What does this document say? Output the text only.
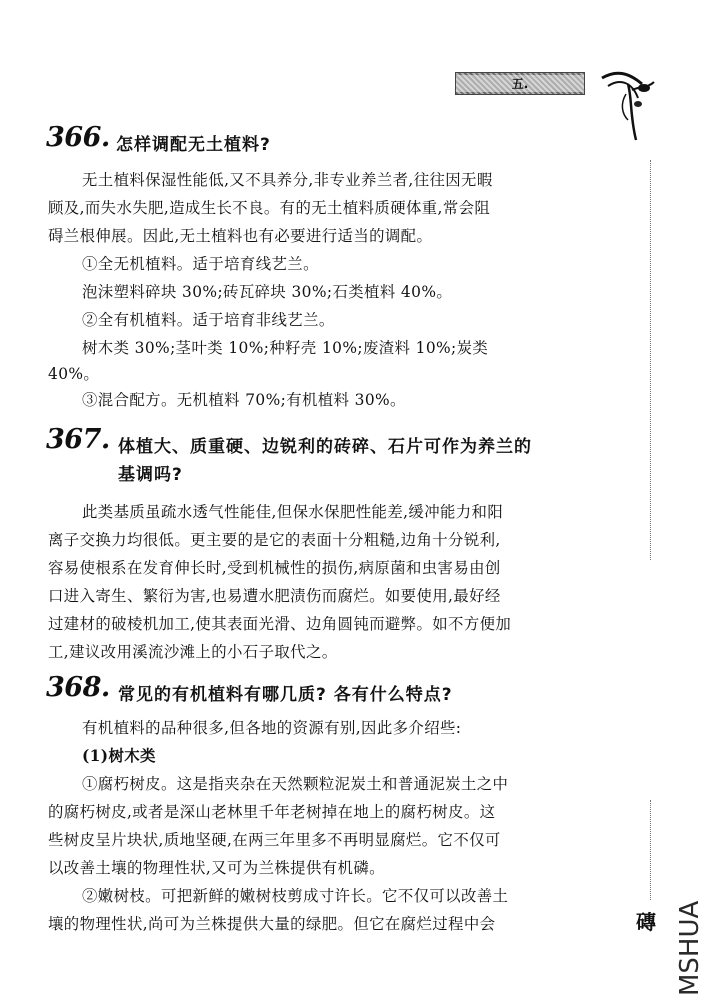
五.
磚 MSHUA
366. 怎样调配无土植料?
无土植料保湿性能低,又不具养分,非专业养兰者,往往因无暇
顾及,而失水失肥,造成生长不良。有的无土植料质硬体重,常会阻
碍兰根伸展。因此,无土植料也有必要进行适当的调配。
①全无机植料。适于培育线艺兰。
泡沫塑料碎块 30%;砖瓦碎块 30%;石类植料 40%。
②全有机植料。适于培育非线艺兰。
树木类 30%;茎叶类 10%;种籽壳 10%;废渣料 10%;炭类
40%。
③混合配方。无机植料 70%;有机植料 30%。
367. 体植大、质重硬、边锐利的砖碎、石片可作为养兰的
基调吗?
此类基质虽疏水透气性能佳,但保水保肥性能差,缓冲能力和阳
离子交换力均很低。更主要的是它的表面十分粗糙,边角十分锐利,
容易使根系在发育伸长时,受到机械性的损伤,病原菌和虫害易由创
口进入寄生、繁衍为害,也易遭水肥渍伤而腐烂。如要使用,最好经
过建材的破棱机加工,使其表面光滑、边角圆钝而避弊。如不方便加
工,建议改用溪流沙滩上的小石子取代之。
368. 常见的有机植料有哪几质? 各有什么特点?
有机植料的品种很多,但各地的资源有别,因此多介绍些:
(1)树木类
①腐朽树皮。这是指夹杂在天然颗粒泥炭土和普通泥炭土之中
的腐朽树皮,或者是深山老林里千年老树掉在地上的腐朽树皮。这
些树皮呈片块状,质地坚硬,在两三年里多不再明显腐烂。它不仅可
以改善土壤的物理性状,又可为兰株提供有机磷。
②嫩树枝。可把新鲜的嫩树枝剪成寸许长。它不仅可以改善土
壤的物理性状,尚可为兰株提供大量的绿肥。但它在腐烂过程中会
